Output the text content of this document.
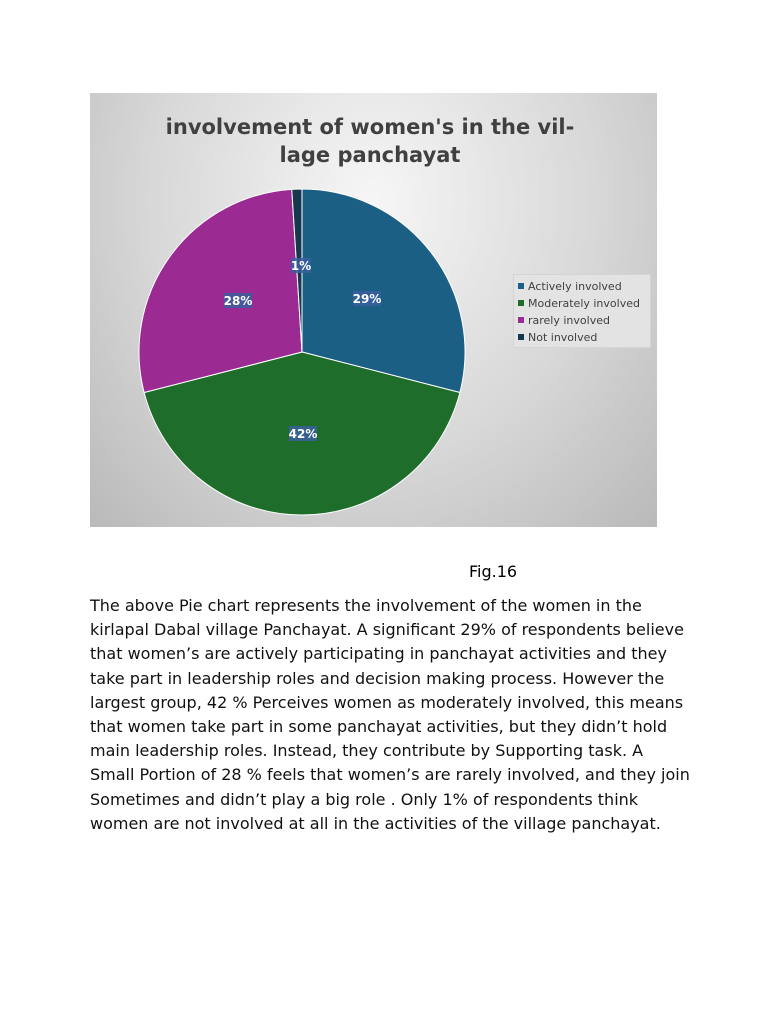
29%
42%
28%
1%
involvement of women's in the vil-
lage panchayat
Actively involved
Moderately involved
rarely involved
Not involved
Fig.16

The above Pie chart represents the involvement of the women in the kirlapal Dabal village Panchayat. A significant 29% of respondents believe that women’s are actively participating in panchayat activities and they take part in leadership roles and decision making process. However the largest group, 42 % Perceives women as moderately involved, this means that women take part in some panchayat activities, but they didn’t hold main leadership roles. Instead, they contribute by Supporting task. A Small Portion of 28 % feels that women’s are rarely involved, and they join Sometimes and didn’t play a big role . Only 1% of respondents think women are not involved at all in the activities of the village panchayat.
